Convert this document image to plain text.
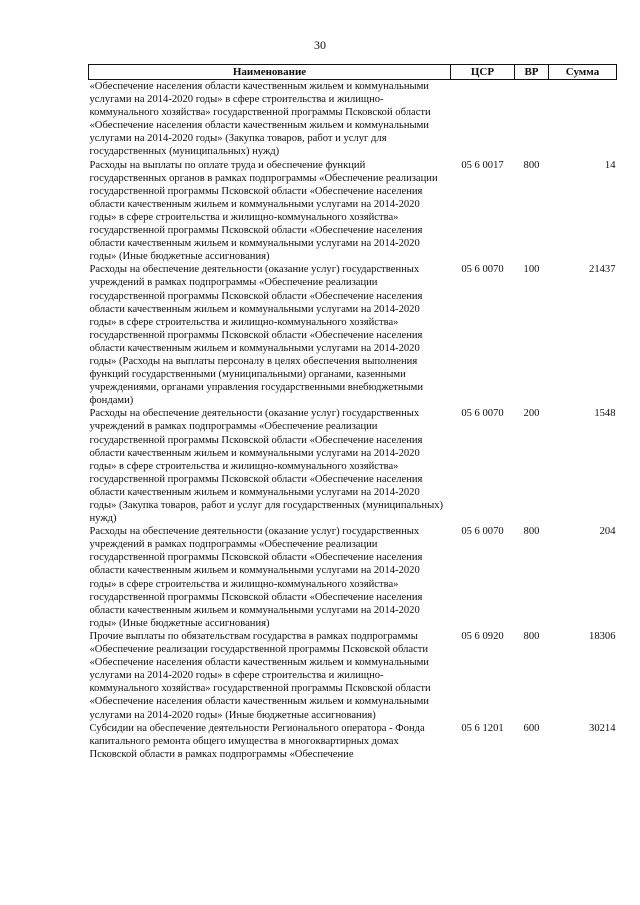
30
Наименование	ЦСР	ВР	Сумма
«Обеспечение населения области качественным жильем и коммунальными услугами на 2014-2020 годы» в сфере строительства и жилищно-коммунального хозяйства» государственной программы Псковской области «Обеспечение населения области качественным жильем и коммунальными услугами на 2014-2020 годы» (Закупка товаров, работ и услуг для государственных (муниципальных) нужд)			
Расходы на выплаты по оплате труда и обеспечение функций государственных органов в рамках подпрограммы «Обеспечение реализации государственной программы Псковской области «Обеспечение населения области качественным жильем и коммунальными услугами на 2014-2020 годы» в сфере строительства и жилищно-коммунального хозяйства» государственной программы Псковской области «Обеспечение населения области качественным жильем и коммунальными услугами на 2014-2020 годы» (Иные бюджетные ассигнования)	05 6 0017	800	14
Расходы на обеспечение деятельности (оказание услуг) государственных учреждений в рамках подпрограммы «Обеспечение реализации государственной программы Псковской области «Обеспечение населения области качественным жильем и коммунальными услугами на 2014-2020 годы» в сфере строительства и жилищно-коммунального хозяйства» государственной программы Псковской области «Обеспечение населения области качественным жильем и коммунальными услугами на 2014-2020 годы» (Расходы на выплаты персоналу в целях обеспечения выполнения функций государственными (муниципальными) органами, казенными учреждениями, органами управления государственными внебюджетными фондами)	05 6 0070	100	21437
Расходы на обеспечение деятельности (оказание услуг) государственных учреждений в рамках подпрограммы «Обеспечение реализации государственной программы Псковской области «Обеспечение населения области качественным жильем и коммунальными услугами на 2014-2020 годы» в сфере строительства и жилищно-коммунального хозяйства» государственной программы Псковской области «Обеспечение населения области качественным жильем и коммунальными услугами на 2014-2020 годы» (Закупка товаров, работ и услуг для государственных (муниципальных) нужд)	05 6 0070	200	1548
Расходы на обеспечение деятельности (оказание услуг) государственных учреждений в рамках подпрограммы «Обеспечение реализации государственной программы Псковской области «Обеспечение населения области качественным жильем и коммунальными услугами на 2014-2020 годы» в сфере строительства и жилищно-коммунального хозяйства» государственной программы Псковской области «Обеспечение населения области качественным жильем и коммунальными услугами на 2014-2020 годы» (Иные бюджетные ассигнования)	05 6 0070	800	204
Прочие выплаты по обязательствам государства в рамках подпрограммы «Обеспечение реализации государственной программы Псковской области «Обеспечение населения области качественным жильем и коммунальными услугами на 2014-2020 годы» в сфере строительства и жилищно-коммунального хозяйства» государственной программы Псковской области «Обеспечение населения области качественным жильем и коммунальными услугами на 2014-2020 годы» (Иные бюджетные ассигнования)	05 6 0920	800	18306
Субсидии на обеспечение деятельности Регионального оператора - Фонда капитального ремонта общего имущества в многоквартирных домах Псковской области в рамках подпрограммы «Обеспечение	05 6 1201	600	30214
